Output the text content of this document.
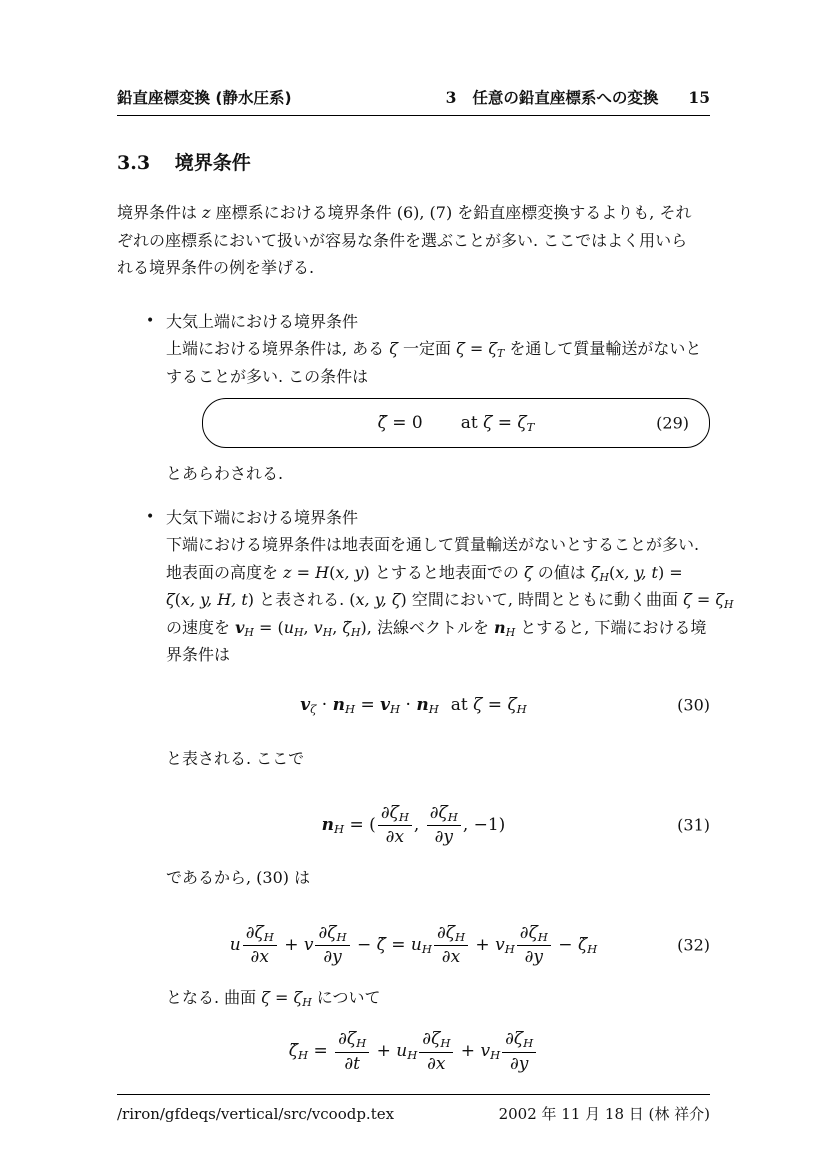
鉛直座標変換 (静水圧系)	3 任意の鉛直座標系への変換 15
3.3 境界条件

境界条件は z 座標系における境界条件 (6), (7) を鉛直座標変換するよりも, それ

ぞれの座標系において扱いが容易な条件を選ぶことが多い. ここではよく用いら

れる境界条件の例を挙げる.

• 大気上端における境界条件

上端における境界条件は, ある ζ 一定面 $\zeta = \zeta_T$ を通して質量輸送がないと

することが多い. この条件は

ζ̇ = 0 at $\zeta = \zeta_T$	(29)

とあらわされる.

• 大気下端における境界条件

下端における境界条件は地表面を通して質量輸送がないとすることが多い.

地表面の高度を z = H(x, y) とすると地表面での ζ の値は $\zeta_H(x$, y, t) =

ζ(x, y, H, t) と表される. (x, y, ζ) 空間において, 時間とともに動く曲面 $\zeta = \zeta_H$

の速度を $v_H = (u_H$, $v_H$, $\zetȧ_H$), 法線ベクトルを $n_H$ とすると, 下端における境

界条件は

$v_\zeta \cdot n_H = v_H \cdot n_H$ at $\zeta = \zeta_H$	(30)

と表される. ここで

$n_H$ = ( $\frac{\partial\zeta_H}{\partial x}$ , $\frac{\partial\zeta_H}{\partial y}$ , −1)	(31)

であるから, (30) は

u $\frac{\partial\zeta_H}{\partial x} + v \frac{\partial\zeta_H}{\partial y}$ − ζ̇ = $u_H \frac{\partial\zeta_H}{\partial x} + v_H \frac{\partial\zeta_H}{\partial y}$ − $\zetȧ_H$	(32)

となる. 曲面 $\zeta = \zeta_H$ について

$\zetȧ_H = \frac{\partial\zeta_H}{\partial t} + u_H \frac{\partial\zeta_H}{\partial x} + v_H \frac{\partial\zeta_H}{\partial y}$
/riron/gfdeqs/vertical/src/vcoodp.tex	2002 年 11 月 18 日 (林 祥介)
